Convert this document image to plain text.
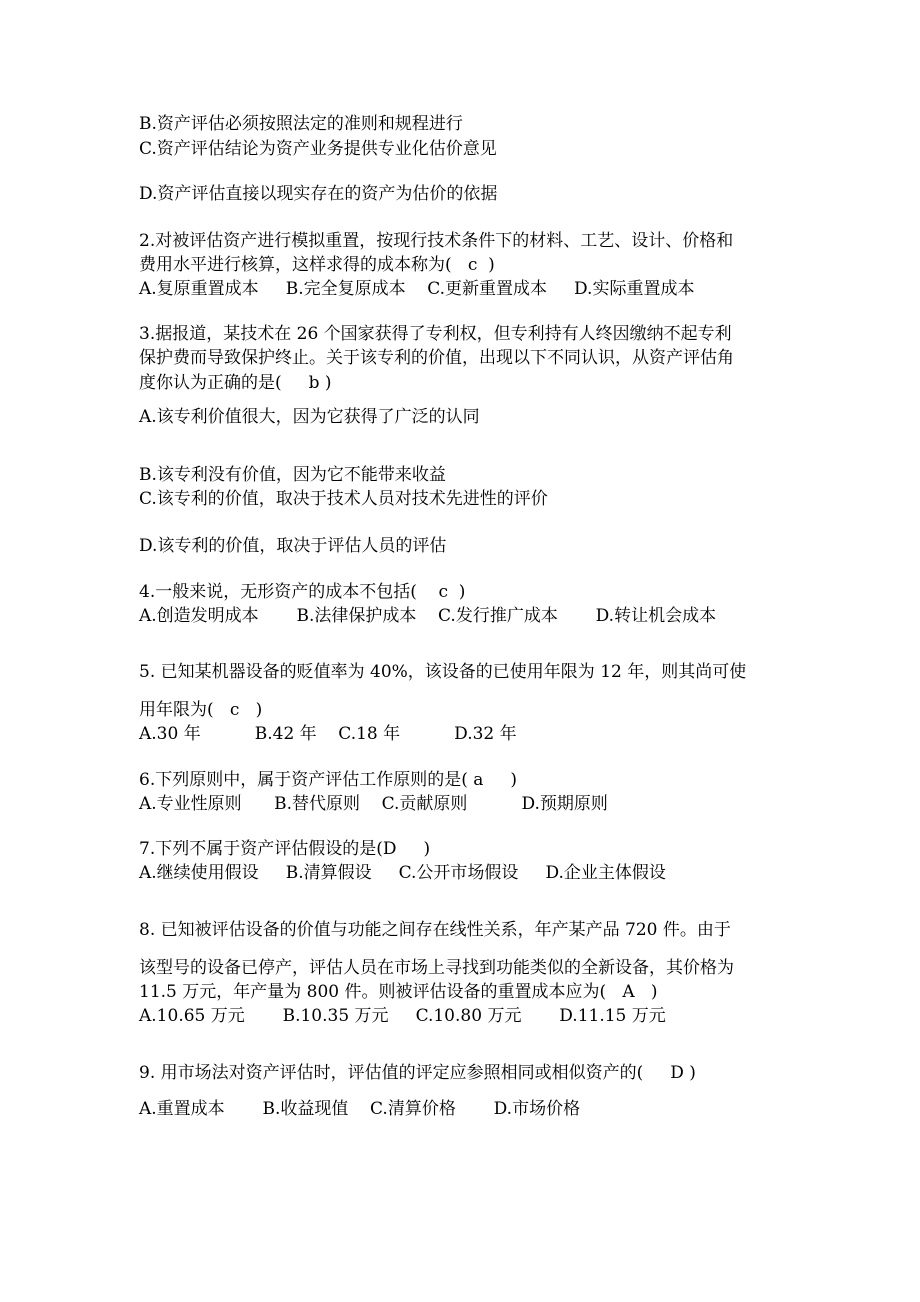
B.资产评估必须按照法定的准则和规程进行
C.资产评估结论为资产业务提供专业化估价意见
D.资产评估直接以现实存在的资产为估价的依据
2.对被评估资产进行模拟重置，按现行技术条件下的材料、工艺、设计、价格和
费用水平进行核算，这样求得的成本称为(   c  )
A.复原重置成本     B.完全复原成本    C.更新重置成本     D.实际重置成本
3.据报道，某技术在 26 个国家获得了专利权，但专利持有人终因缴纳不起专利
保护费而导致保护终止。关于该专利的价值，出现以下不同认识，从资产评估角
度你认为正确的是(     b )
A.该专利价值很大，因为它获得了广泛的认同
B.该专利没有价值，因为它不能带来收益
C.该专利的价值，取决于技术人员对技术先进性的评价
D.该专利的价值，取决于评估人员的评估
4.一般来说，无形资产的成本不包括(    c  )
A.创造发明成本       B.法律保护成本    C.发行推广成本       D.转让机会成本
5. 已知某机器设备的贬值率为 40%，该设备的已使用年限为 12 年，则其尚可使
用年限为(   c   )
A.30 年          B.42 年    C.18 年          D.32 年
6.下列原则中，属于资产评估工作原则的是( a     )
A.专业性原则      B.替代原则    C.贡献原则          D.预期原则
7.下列不属于资产评估假设的是(D     )
A.继续使用假设     B.清算假设     C.公开市场假设     D.企业主体假设
8. 已知被评估设备的价值与功能之间存在线性关系，年产某产品 720 件。由于
该型号的设备已停产，评估人员在市场上寻找到功能类似的全新设备，其价格为
11.5 万元，年产量为 800 件。则被评估设备的重置成本应为(   A   )
A.10.65 万元       B.10.35 万元     C.10.80 万元       D.11.15 万元
9. 用市场法对资产评估时，评估值的评定应参照相同或相似资产的(     D )
A.重置成本       B.收益现值    C.清算价格       D.市场价格
